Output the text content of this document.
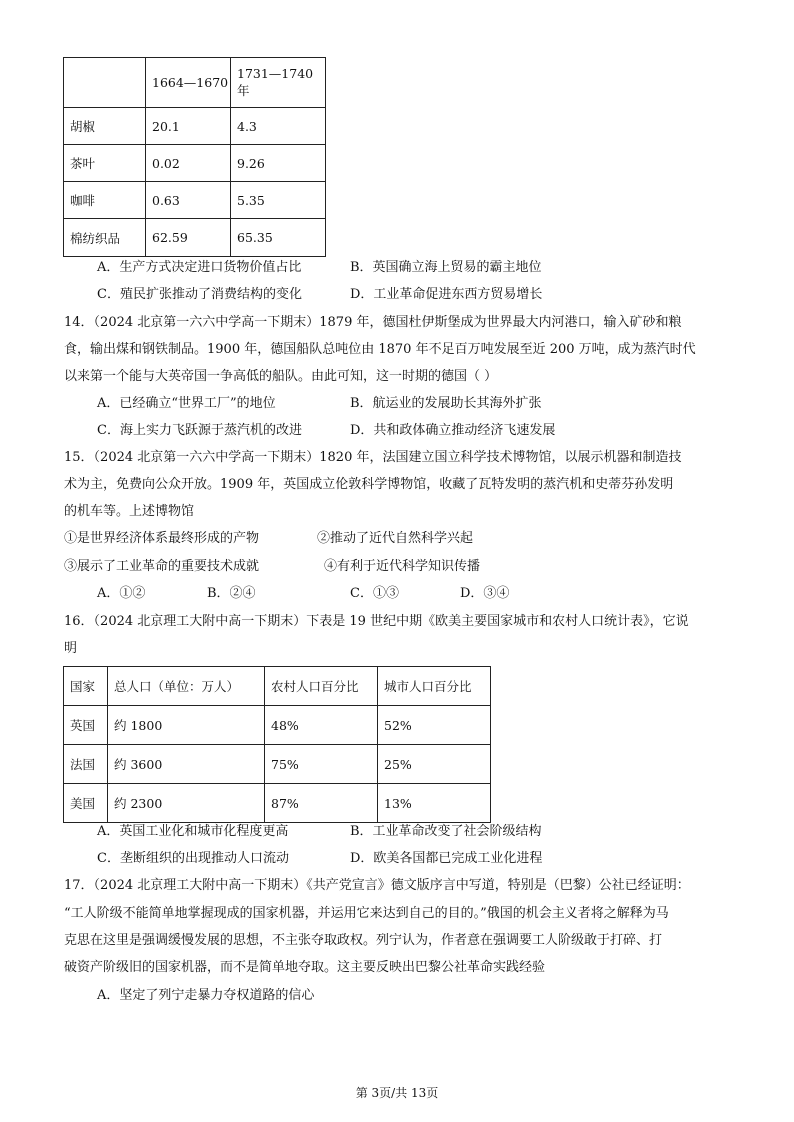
	1664—1670	1731—1740 年
胡椒	20.1	4.3
茶叶	0.02	9.26
咖啡	0.63	5.35
棉纺织品	62.59	65.35
A．生产方式决定进口货物价值占比	B．英国确立海上贸易的霸主地位
C．殖民扩张推动了消费结构的变化	D．工业革命促进东西方贸易增长
14．（2024 北京第一六六中学高一下期末）1879 年，德国杜伊斯堡成为世界最大内河港口，输入矿砂和粮
食，输出煤和钢铁制品。1900 年，德国船队总吨位由 1870 年不足百万吨发展至近 200 万吨，成为蒸汽时代
以来第一个能与大英帝国一争高低的船队。由此可知，这一时期的德国（ ）
A．已经确立“世界工厂”的地位	B．航运业的发展助长其海外扩张
C．海上实力飞跃源于蒸汽机的改进	D．共和政体确立推动经济飞速发展
15．（2024 北京第一六六中学高一下期末）1820 年，法国建立国立科学技术博物馆，以展示机器和制造技
术为主，免费向公众开放。1909 年，英国成立伦敦科学博物馆，收藏了瓦特发明的蒸汽机和史蒂芬孙发明
的机车等。上述博物馆
①是世界经济体系最终形成的产物	②推动了近代自然科学兴起
③展示了工业革命的重要技术成就	④有利于近代科学知识传播
A．①②	B．②④	C．①③	D．③④
16．（2024 北京理工大附中高一下期末）下表是 19 世纪中期《欧美主要国家城市和农村人口统计表》，它说
明
国家	总人口（单位：万人）	农村人口百分比	城市人口百分比
英国	约 1800	48%	52%
法国	约 3600	75%	25%
美国	约 2300	87%	13%
A．英国工业化和城市化程度更高	B．工业革命改变了社会阶级结构
C．垄断组织的出现推动人口流动	D．欧美各国都已完成工业化进程
17．（2024 北京理工大附中高一下期末）《共产党宣言》德文版序言中写道，特别是（巴黎）公社已经证明：
“工人阶级不能简单地掌握现成的国家机器，并运用它来达到自己的目的。”俄国的机会主义者将之解释为马
克思在这里是强调缓慢发展的思想，不主张夺取政权。列宁认为，作者意在强调要工人阶级敢于打碎、打
破资产阶级旧的国家机器，而不是简单地夺取。这主要反映出巴黎公社革命实践经验
A．坚定了列宁走暴力夺权道路的信心
第 3页/共 13页
